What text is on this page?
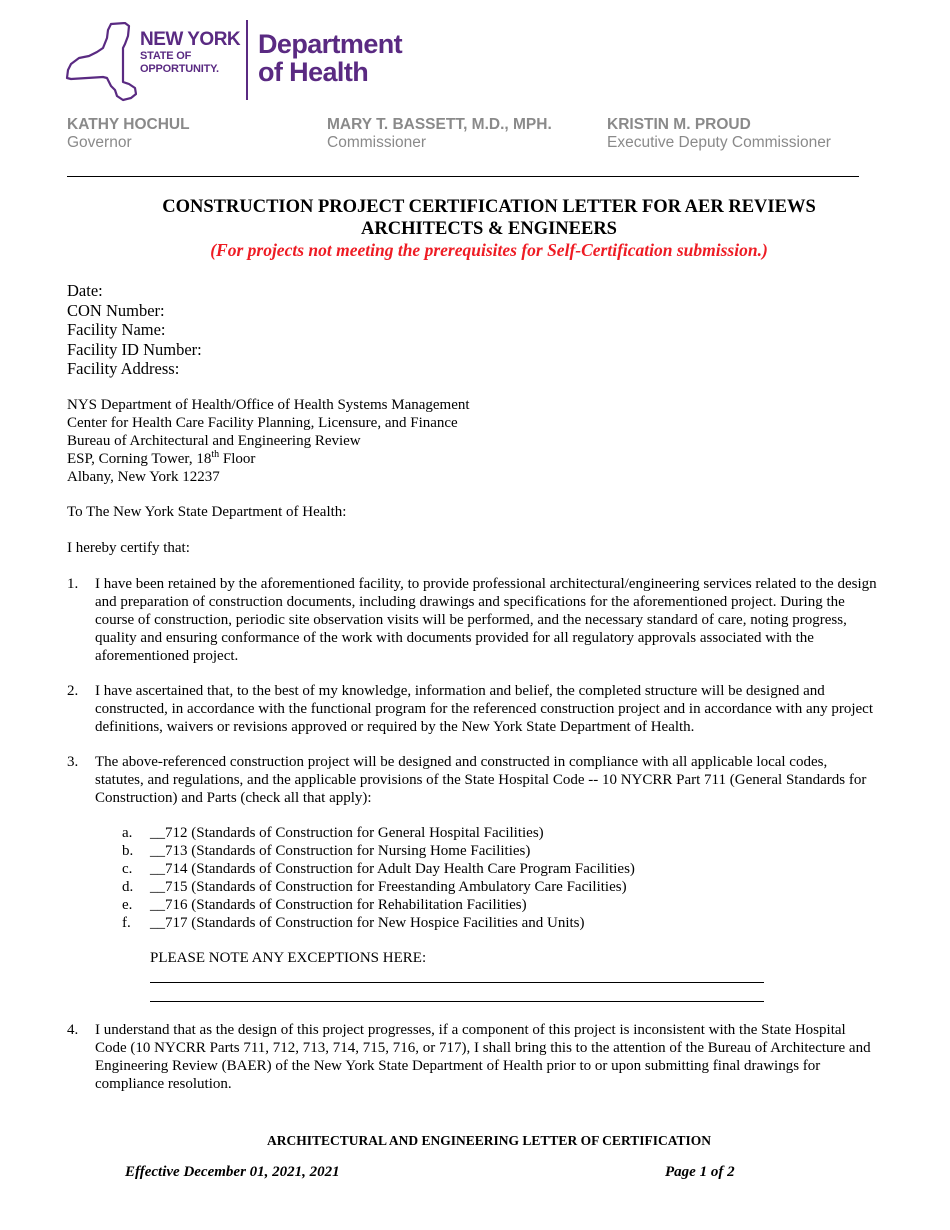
NEW YORK
STATE OF
OPPORTUNITY.
Department
of Health
KATHY HOCHUL
Governor
MARY T. BASSETT, M.D., MPH.
Commissioner
KRISTIN M. PROUD
Executive Deputy Commissioner
CONSTRUCTION PROJECT CERTIFICATION LETTER FOR AER REVIEWS
ARCHITECTS & ENGINEERS
(For projects not meeting the prerequisites for Self-Certification submission.)
Date:
CON Number:
Facility Name:
Facility ID Number:
Facility Address:
NYS Department of Health/Office of Health Systems Management
Center for Health Care Facility Planning, Licensure, and Finance
Bureau of Architectural and Engineering Review
ESP, Corning Tower, 18th Floor
Albany, New York 12237
To The New York State Department of Health:
I hereby certify that:
1. I have been retained by the aforementioned facility, to provide professional architectural/engineering services related to the design and preparation of construction documents, including drawings and specifications for the aforementioned project. During the course of construction, periodic site observation visits will be performed, and the necessary standard of care, noting progress, quality and ensuring conformance of the work with documents provided for all regulatory approvals associated with the aforementioned project.
2. I have ascertained that, to the best of my knowledge, information and belief, the completed structure will be designed and constructed, in accordance with the functional program for the referenced construction project and in accordance with any project definitions, waivers or revisions approved or required by the New York State Department of Health.
3. The above-referenced construction project will be designed and constructed in compliance with all applicable local codes, statutes, and regulations, and the applicable provisions of the State Hospital Code -- 10 NYCRR Part 711 (General Standards for Construction) and Parts (check all that apply):
a. __712 (Standards of Construction for General Hospital Facilities)
b. __713 (Standards of Construction for Nursing Home Facilities)
c. __714 (Standards of Construction for Adult Day Health Care Program Facilities)
d. __715 (Standards of Construction for Freestanding Ambulatory Care Facilities)
e. __716 (Standards of Construction for Rehabilitation Facilities)
f. __717 (Standards of Construction for New Hospice Facilities and Units)
PLEASE NOTE ANY EXCEPTIONS HERE:
4. I understand that as the design of this project progresses, if a component of this project is inconsistent with the State Hospital Code (10 NYCRR Parts 711, 712, 713, 714, 715, 716, or 717), I shall bring this to the attention of the Bureau of Architecture and Engineering Review (BAER) of the New York State Department of Health prior to or upon submitting final drawings for compliance resolution.
ARCHITECTURAL AND ENGINEERING LETTER OF CERTIFICATION
Effective December 01, 2021, 2021	Page 1 of 2
